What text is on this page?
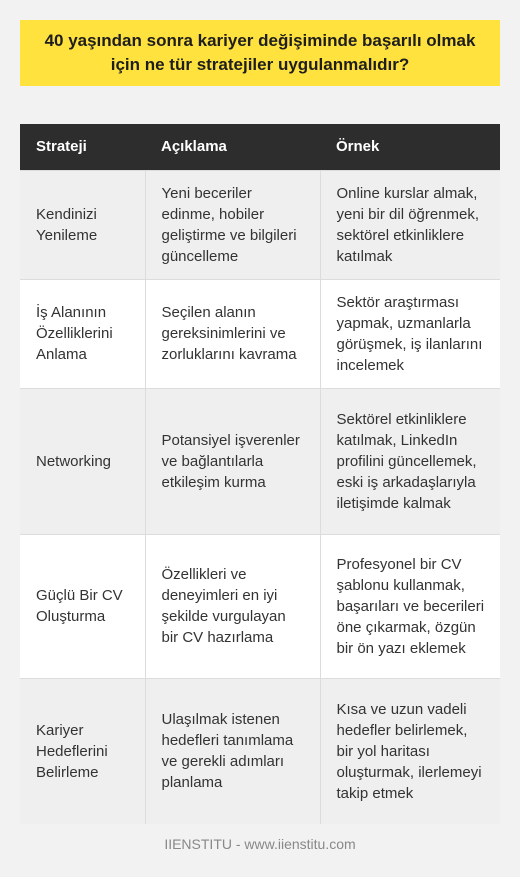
40 yaşından sonra kariyer değişiminde başarılı olmak için ne tür stratejiler uygulanmalıdır?
Strateji	Açıklama	Örnek
Kendinizi Yenileme	Yeni beceriler edinme, hobiler geliştirme ve bilgileri güncelleme	Online kurslar almak, yeni bir dil öğrenmek, sektörel etkinliklere katılmak
İş Alanının Özelliklerini Anlama	Seçilen alanın gereksinimlerini ve zorluklarını kavrama	Sektör araştırması yapmak, uzmanlarla görüşmek, iş ilanlarını incelemek
Networking	Potansiyel işverenler ve bağlantılarla etkileşim kurma	Sektörel etkinliklere katılmak, LinkedIn profilini güncellemek, eski iş arkadaşlarıyla iletişimde kalmak
Güçlü Bir CV Oluşturma	Özellikleri ve deneyimleri en iyi şekilde vurgulayan bir CV hazırlama	Profesyonel bir CV şablonu kullanmak, başarıları ve becerileri öne çıkarmak, özgün bir ön yazı eklemek
Kariyer Hedeflerini Belirleme	Ulaşılmak istenen hedefleri tanımlama ve gerekli adımları planlama	Kısa ve uzun vadeli hedefler belirlemek, bir yol haritası oluşturmak, ilerlemeyi takip etmek
IIENSTITU - www.iienstitu.com
